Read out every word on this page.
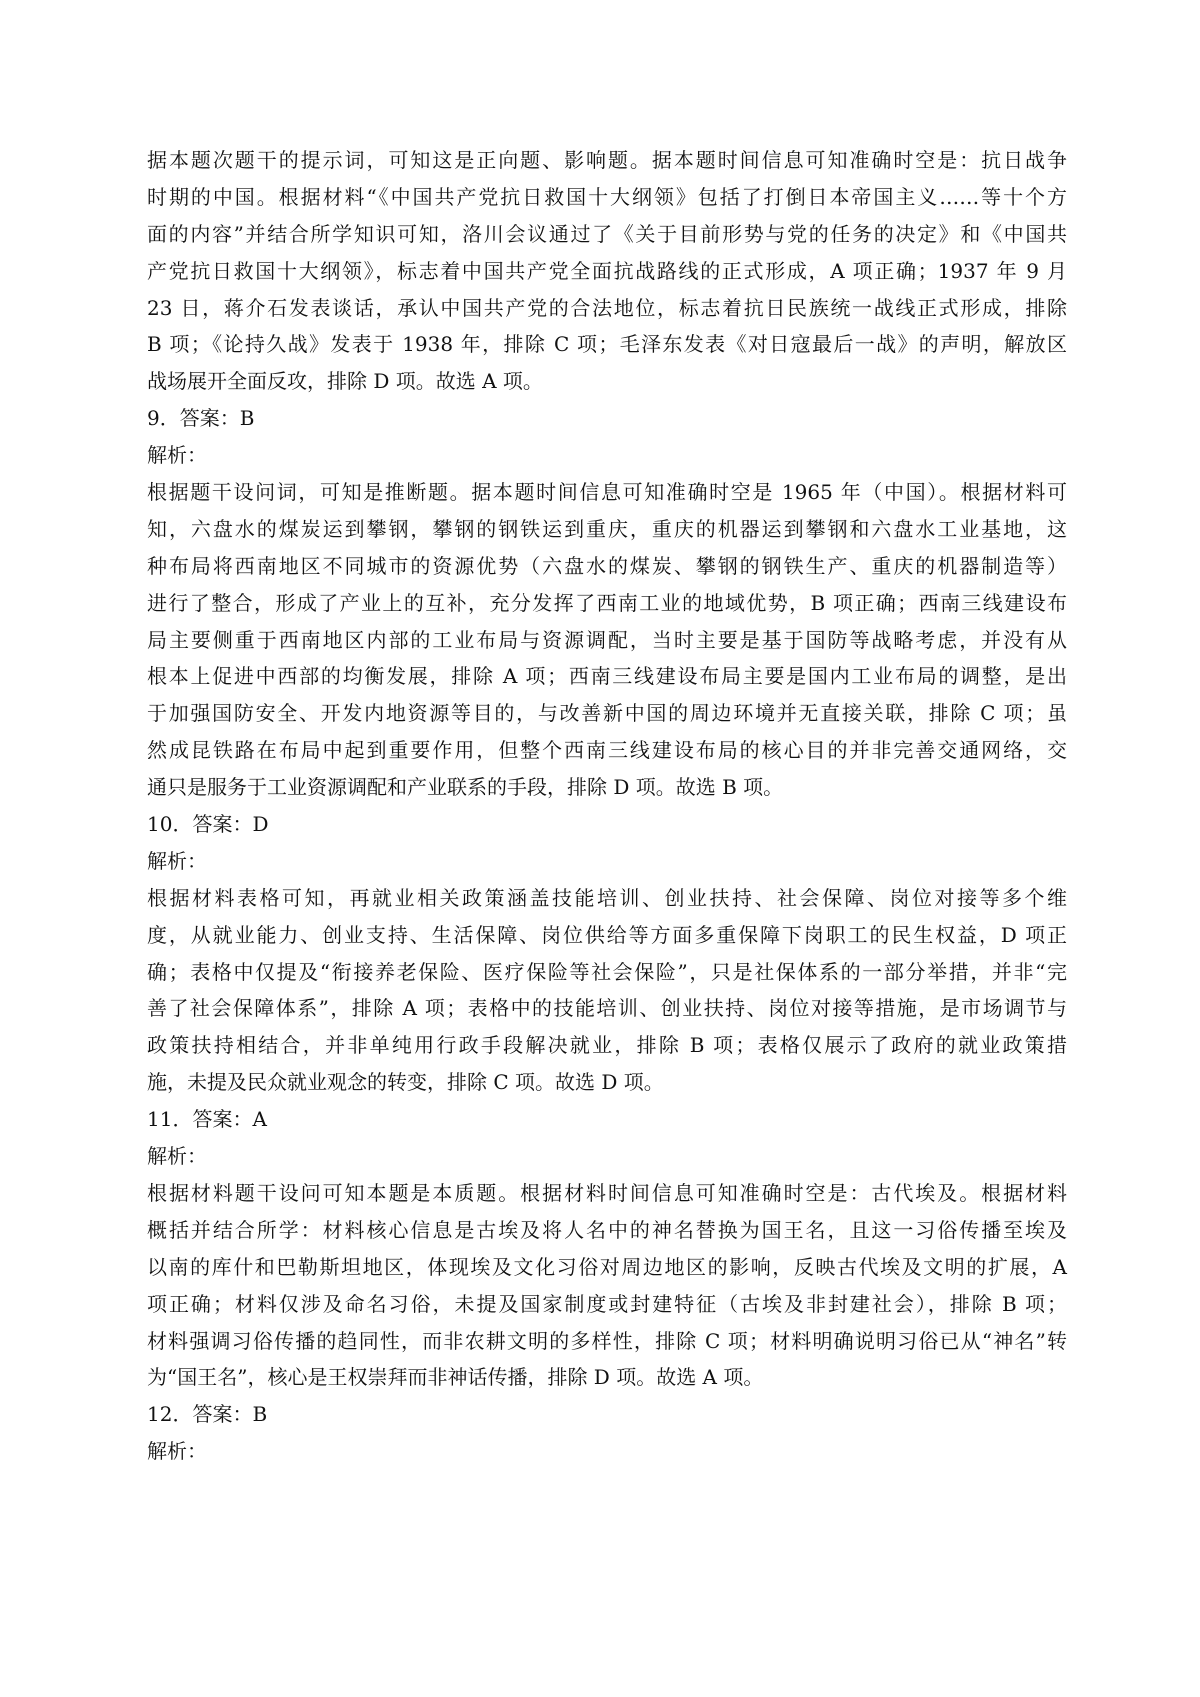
据本题次题干的提示词，可知这是正向题、影响题。据本题时间信息可知准确时空是：抗日战争
时期的中国。根据材料“《中国共产党抗日救国十大纲领》包括了打倒日本帝国主义……等十个方
面的内容”并结合所学知识可知，洛川会议通过了《关于目前形势与党的任务的决定》和《中国共
产党抗日救国十大纲领》，标志着中国共产党全面抗战路线的正式形成，A 项正确；1937 年 9 月
23 日，蒋介石发表谈话，承认中国共产党的合法地位，标志着抗日民族统一战线正式形成，排除
B 项；《论持久战》发表于 1938 年，排除 C 项；毛泽东发表《对日寇最后一战》的声明，解放区
战场展开全面反攻，排除 D 项。故选 A 项。
9．答案：B
解析：
根据题干设问词，可知是推断题。据本题时间信息可知准确时空是 1965 年（中国）。根据材料可
知，六盘水的煤炭运到攀钢，攀钢的钢铁运到重庆，重庆的机器运到攀钢和六盘水工业基地，这
种布局将西南地区不同城市的资源优势（六盘水的煤炭、攀钢的钢铁生产、重庆的机器制造等）
进行了整合，形成了产业上的互补，充分发挥了西南工业的地域优势，B 项正确；西南三线建设布
局主要侧重于西南地区内部的工业布局与资源调配，当时主要是基于国防等战略考虑，并没有从
根本上促进中西部的均衡发展，排除 A 项；西南三线建设布局主要是国内工业布局的调整，是出
于加强国防安全、开发内地资源等目的，与改善新中国的周边环境并无直接关联，排除 C 项；虽
然成昆铁路在布局中起到重要作用，但整个西南三线建设布局的核心目的并非完善交通网络，交
通只是服务于工业资源调配和产业联系的手段，排除 D 项。故选 B 项。
10．答案：D
解析：
根据材料表格可知，再就业相关政策涵盖技能培训、创业扶持、社会保障、岗位对接等多个维
度，从就业能力、创业支持、生活保障、岗位供给等方面多重保障下岗职工的民生权益，D 项正
确；表格中仅提及“衔接养老保险、医疗保险等社会保险”，只是社保体系的一部分举措，并非“完
善了社会保障体系”，排除 A 项；表格中的技能培训、创业扶持、岗位对接等措施，是市场调节与
政策扶持相结合，并非单纯用行政手段解决就业，排除 B 项；表格仅展示了政府的就业政策措
施，未提及民众就业观念的转变，排除 C 项。故选 D 项。
11．答案：A
解析：
根据材料题干设问可知本题是本质题。根据材料时间信息可知准确时空是：古代埃及。根据材料
概括并结合所学：材料核心信息是古埃及将人名中的神名替换为国王名，且这一习俗传播至埃及
以南的库什和巴勒斯坦地区，体现埃及文化习俗对周边地区的影响，反映古代埃及文明的扩展，A
项正确；材料仅涉及命名习俗，未提及国家制度或封建特征（古埃及非封建社会），排除 B 项；
材料强调习俗传播的趋同性，而非农耕文明的多样性，排除 C 项；材料明确说明习俗已从“神名”转
为“国王名”，核心是王权崇拜而非神话传播，排除 D 项。故选 A 项。
12．答案：B
解析：
